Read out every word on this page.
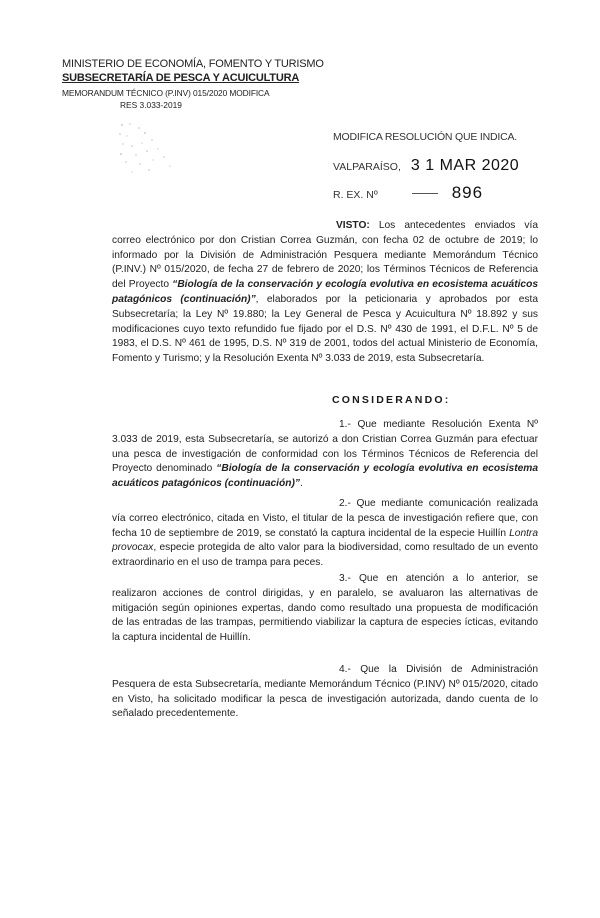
MINISTERIO DE ECONOMÍA, FOMENTO Y TURISMO
SUBSECRETARÍA DE PESCA Y ACUICULTURA
MEMORANDUM TÉCNICO (P.INV) 015/2020 MODIFICA
RES 3.033-2019
MODIFICA RESOLUCIÓN QUE INDICA.
VALPARAÍSO, 3 1 MAR 2020
R. EX. Nº	896

VISTO: Los antecedentes enviados vía correo electrónico por don Cristian Correa Guzmán, con fecha 02 de octubre de 2019; lo informado por la División de Administración Pesquera mediante Memorándum Técnico (P.INV.) Nº 015/2020, de fecha 27 de febrero de 2020; los Términos Técnicos de Referencia del Proyecto “Biología de la conservación y ecología evolutiva en ecosistema acuáticos patagónicos (continuación)”, elaborados por la peticionaria y aprobados por esta Subsecretaría; la Ley Nº 19.880; la Ley General de Pesca y Acuicultura Nº 18.892 y sus modificaciones cuyo texto refundido fue fijado por el D.S. Nº 430 de 1991, el D.F.L. Nº 5 de 1983, el D.S. Nº 461 de 1995, D.S. Nº 319 de 2001, todos del actual Ministerio de Economía, Fomento y Turismo; y la Resolución Exenta Nº 3.033 de 2019, esta Subsecretaría.

CONSIDERANDO:
1.- Que mediante Resolución Exenta Nº 3.033 de 2019, esta Subsecretaría, se autorizó a don Cristian Correa Guzmán para efectuar una pesca de investigación de conformidad con los Términos Técnicos de Referencia del Proyecto denominado “Biología de la conservación y ecología evolutiva en ecosistema acuáticos patagónicos (continuación)”.
2.- Que mediante comunicación realizada vía correo electrónico, citada en Visto, el titular de la pesca de investigación refiere que, con fecha 10 de septiembre de 2019, se constató la captura incidental de la especie Huillín Lontra provocax, especie protegida de alto valor para la biodiversidad, como resultado de un evento extraordinario en el uso de trampa para peces.
3.- Que en atención a lo anterior, se realizaron acciones de control dirigidas, y en paralelo, se avaluaron las alternativas de mitigación según opiniones expertas, dando como resultado una propuesta de modificación de las entradas de las trampas, permitiendo viabilizar la captura de especies ícticas, evitando la captura incidental de Huillín.
4.- Que la División de Administración Pesquera de esta Subsecretaría, mediante Memorándum Técnico (P.INV) Nº 015/2020, citado en Visto, ha solicitado modificar la pesca de investigación autorizada, dando cuenta de lo señalado precedentemente.
